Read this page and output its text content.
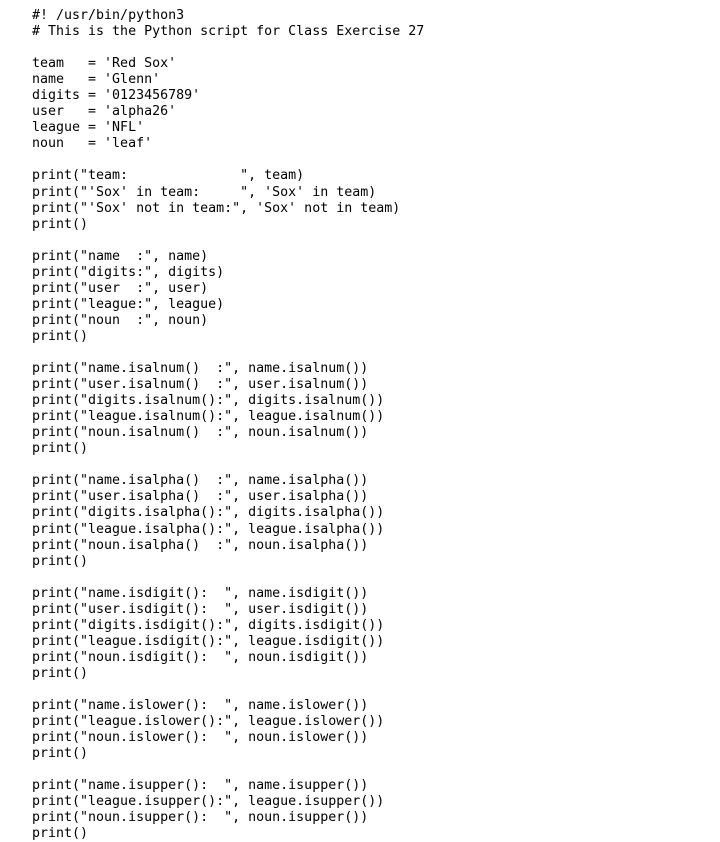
#! /usr/bin/python3
# This is the Python script for Class Exercise 27

team   = 'Red Sox'
name   = 'Glenn'
digits = '0123456789'
user   = 'alpha26'
league = 'NFL'
noun   = 'leaf'

print("team:              ", team)
print("'Sox' in team:     ", 'Sox' in team)
print("'Sox' not in team:", 'Sox' not in team)
print()

print("name  :", name)
print("digits:", digits)
print("user  :", user)
print("league:", league)
print("noun  :", noun)
print()

print("name.isalnum()  :", name.isalnum())
print("user.isalnum()  :", user.isalnum())
print("digits.isalnum():", digits.isalnum())
print("league.isalnum():", league.isalnum())
print("noun.isalnum()  :", noun.isalnum())
print()

print("name.isalpha()  :", name.isalpha())
print("user.isalpha()  :", user.isalpha())
print("digits.isalpha():", digits.isalpha())
print("league.isalpha():", league.isalpha())
print("noun.isalpha()  :", noun.isalpha())
print()

print("name.isdigit():  ", name.isdigit())
print("user.isdigit():  ", user.isdigit())
print("digits.isdigit():", digits.isdigit())
print("league.isdigit():", league.isdigit())
print("noun.isdigit():  ", noun.isdigit())
print()

print("name.islower():  ", name.islower())
print("league.islower():", league.islower())
print("noun.islower():  ", noun.islower())
print()

print("name.isupper():  ", name.isupper())
print("league.isupper():", league.isupper())
print("noun.isupper():  ", noun.isupper())
print()
